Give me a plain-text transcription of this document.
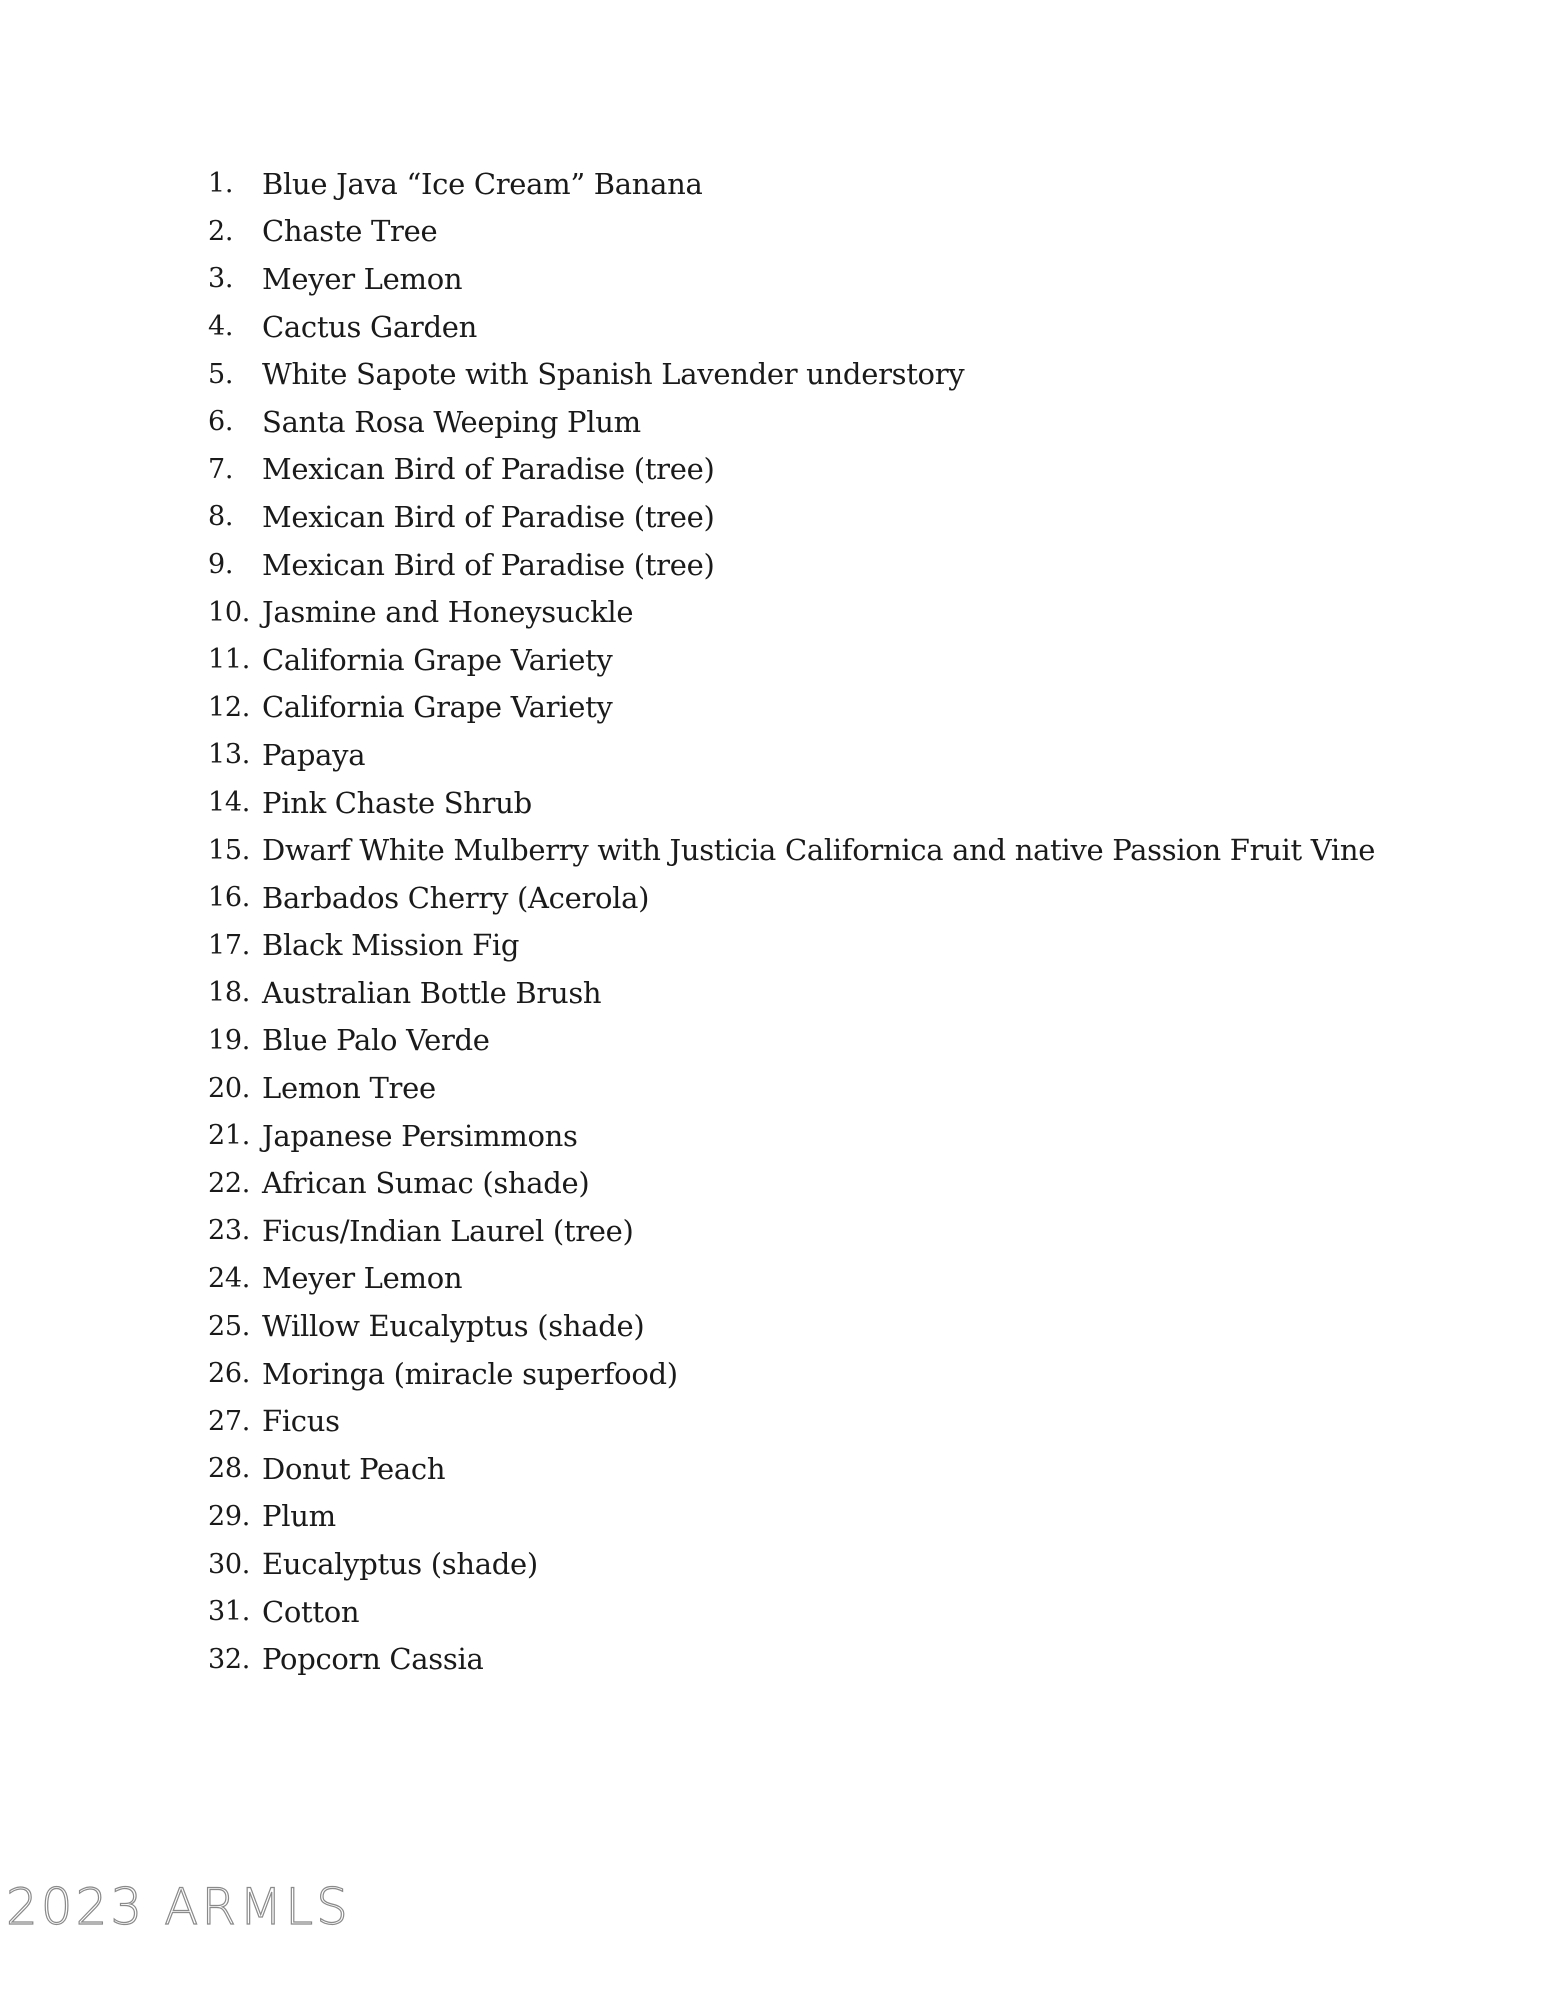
1. Blue Java “Ice Cream” Banana
2. Chaste Tree
3. Meyer Lemon
4. Cactus Garden
5. White Sapote with Spanish Lavender understory
6. Santa Rosa Weeping Plum
7. Mexican Bird of Paradise (tree)
8. Mexican Bird of Paradise (tree)
9. Mexican Bird of Paradise (tree)
10. Jasmine and Honeysuckle
11. California Grape Variety
12. California Grape Variety
13. Papaya
14. Pink Chaste Shrub
15. Dwarf White Mulberry with Justicia Californica and native Passion Fruit Vine
16. Barbados Cherry (Acerola)
17. Black Mission Fig
18. Australian Bottle Brush
19. Blue Palo Verde
20. Lemon Tree
21. Japanese Persimmons
22. African Sumac (shade)
23. Ficus/Indian Laurel (tree)
24. Meyer Lemon
25. Willow Eucalyptus (shade)
26. Moringa (miracle superfood)
27. Ficus
28. Donut Peach
29. Plum
30. Eucalyptus (shade)
31. Cotton
32. Popcorn Cassia
2023 ARMLS
